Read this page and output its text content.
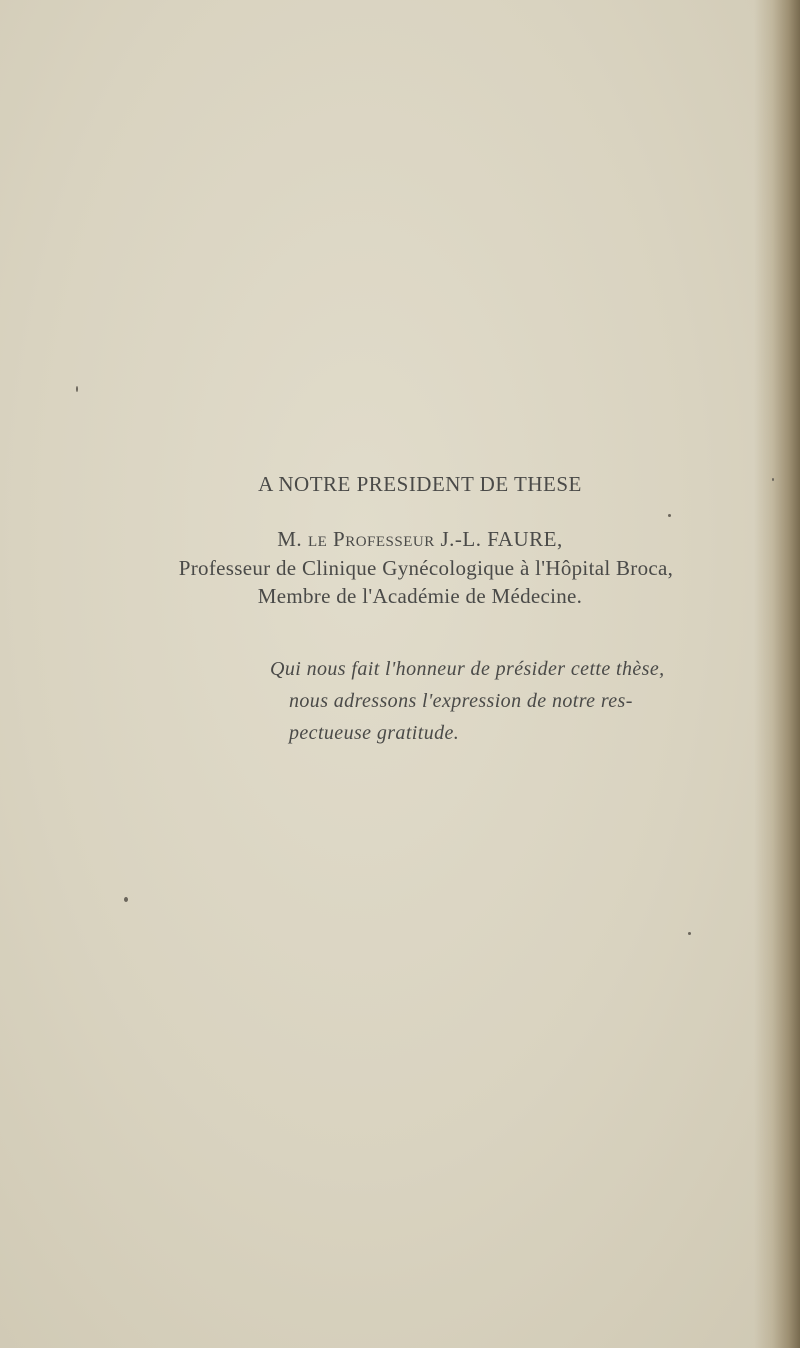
A NOTRE PRESIDENT DE THESE

M. le Professeur J.-L. FAURE,

Professeur de Clinique Gynécologique à l'Hôpital Broca,

Membre de l'Académie de Médecine.

Qui nous fait l'honneur de présider cette thèse,
nous adressons l'expression de notre res-
pectueuse gratitude.
